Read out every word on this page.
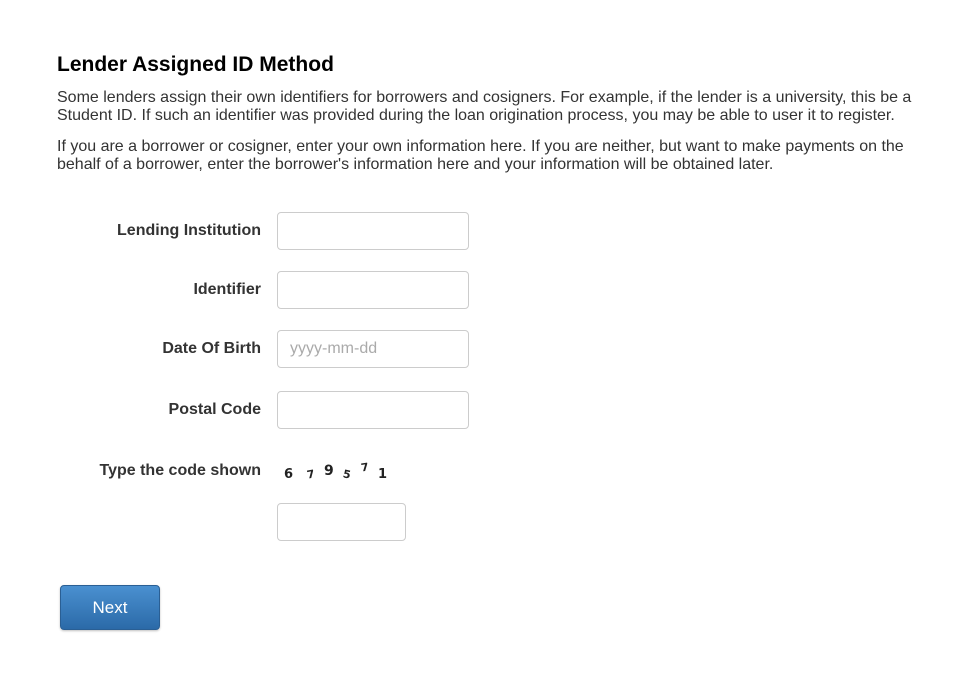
Lender Assigned ID Method

Some lenders assign their own identifiers for borrowers and cosigners. For example, if the lender is a university, this be a Student ID. If such an identifier was provided during the loan origination process, you may be able to user it to register.

If you are a borrower or cosigner, enter your own information here. If you are neither, but want to make payments on the behalf of a borrower, enter the borrower's information here and your information will be obtained later.

Lending Institution
Identifier
Date Of Birth
yyyy-mm-dd
Postal Code
Type the code shown 6 7 9 5 7 1
Next
